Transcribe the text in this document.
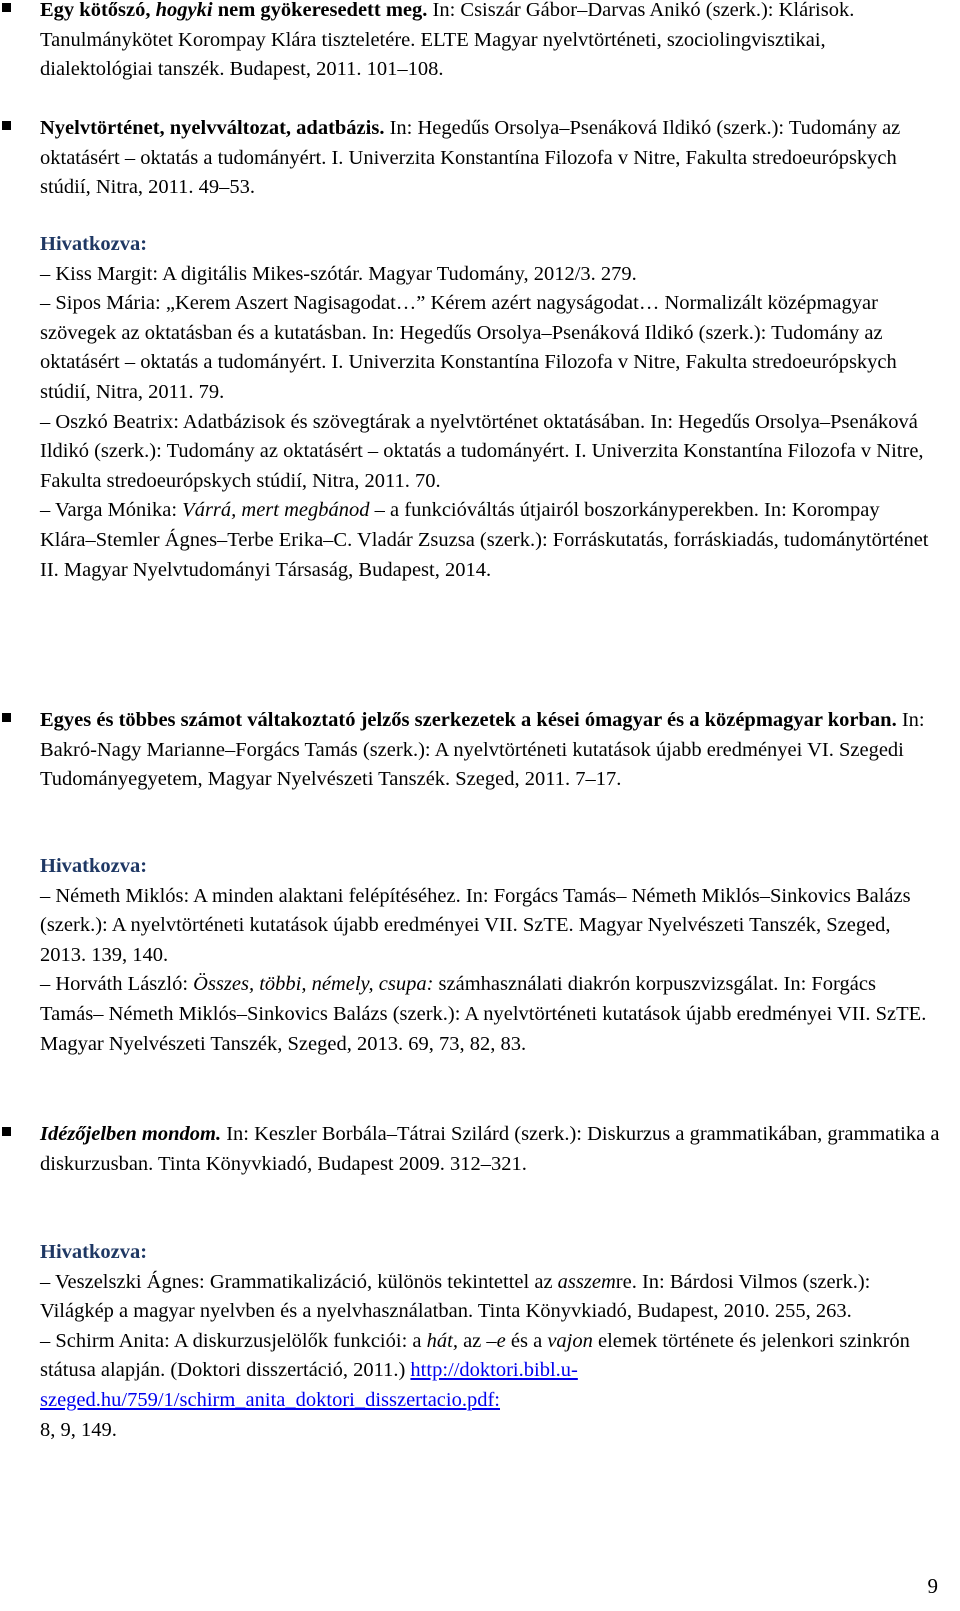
Egy kötőszó, hogyki nem gyökeresedett meg. In: Csiszár Gábor–Darvas Anikó (szerk.): Klárisok. Tanulmánykötet Korompay Klára tiszteletére. ELTE Magyar nyelvtörténeti, szociolingvisztikai, dialektológiai tanszék. Budapest, 2011. 101–108.
Nyelvtörténet, nyelvváltozat, adatbázis. In: Hegedűs Orsolya–Psenáková Ildikó (szerk.): Tudomány az oktatásért – oktatás a tudományért. I. Univerzita Konstantína Filozofa v Nitre, Fakulta stredoeurópskych stúdií, Nitra, 2011. 49–53.

Hivatkozva:

– Kiss Margit: A digitális Mikes-szótár. Magyar Tudomány, 2012/3. 279.

– Sipos Mária: „Kerem Aszert Nagisagodat…” Kérem azért nagyságodat… Normalizált középmagyar szövegek az oktatásban és a kutatásban. In: Hegedűs Orsolya–Psenáková Ildikó (szerk.): Tudomány az oktatásért – oktatás a tudományért. I. Univerzita Konstantína Filozofa v Nitre, Fakulta stredoeurópskych stúdií, Nitra, 2011. 79.

– Oszkó Beatrix: Adatbázisok és szövegtárak a nyelvtörténet oktatásában. In: Hegedűs Orsolya–Psenáková Ildikó (szerk.): Tudomány az oktatásért – oktatás a tudományért. I. Univerzita Konstantína Filozofa v Nitre, Fakulta stredoeurópskych stúdií, Nitra, 2011. 70.

– Varga Mónika: Várrá, mert megbánod – a funkcióváltás útjairól boszorkányperekben. In: Korompay Klára–Stemler Ágnes–Terbe Erika–C. Vladár Zsuzsa (szerk.): Forráskutatás, forráskiadás, tudománytörténet II. Magyar Nyelvtudományi Társaság, Budapest, 2014.

Egyes és többes számot váltakoztató jelzős szerkezetek a kései ómagyar és a középmagyar korban. In: Bakró-Nagy Marianne–Forgács Tamás (szerk.): A nyelvtörténeti kutatások újabb eredményei VI. Szegedi Tudományegyetem, Magyar Nyelvészeti Tanszék. Szeged, 2011. 7–17.

Hivatkozva:

– Németh Miklós: A minden alaktani felépítéséhez. In: Forgács Tamás– Németh Miklós–Sinkovics Balázs (szerk.): A nyelvtörténeti kutatások újabb eredményei VII. SzTE. Magyar Nyelvészeti Tanszék, Szeged, 2013. 139, 140.

– Horváth László: Összes, többi, némely, csupa: számhasználati diakrón korpuszvizsgálat. In: Forgács Tamás– Németh Miklós–Sinkovics Balázs (szerk.): A nyelvtörténeti kutatások újabb eredményei VII. SzTE. Magyar Nyelvészeti Tanszék, Szeged, 2013. 69, 73, 82, 83.

Idézőjelben mondom. In: Keszler Borbála–Tátrai Szilárd (szerk.): Diskurzus a grammatikában, grammatika a diskurzusban. Tinta Könyvkiadó, Budapest 2009. 312–321.

Hivatkozva:

– Veszelszki Ágnes: Grammatikalizáció, különös tekintettel az asszemre. In: Bárdosi Vilmos (szerk.): Világkép a magyar nyelvben és a nyelvhasználatban. Tinta Könyvkiadó, Budapest, 2010. 255, 263.

– Schirm Anita: A diskurzusjelölők funkciói: a hát, az –e és a vajon elemek története és jelenkori szinkrón státusa alapján. (Doktori disszertáció, 2011.) http://doktori.bibl.u-szeged.hu/759/1/schirm_anita_doktori_disszertacio.pdf:
8, 9, 149.

9
